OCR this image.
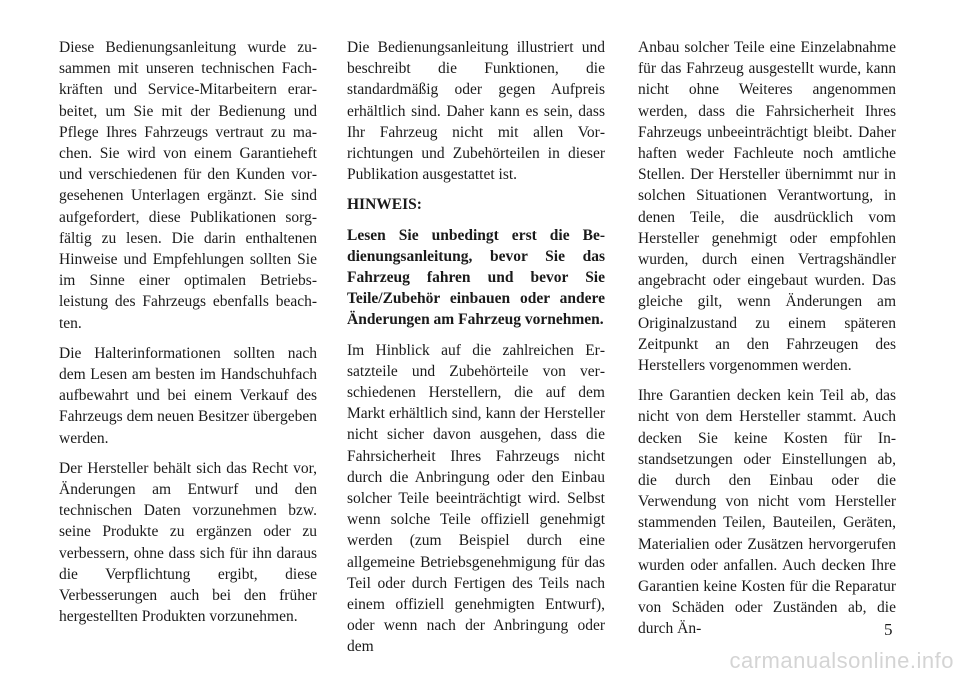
Diese Bedienungsanleitung wurde zusammen mit unseren technischen Fachkräften und Service-Mitarbeitern erarbeitet, um Sie mit der Bedienung und Pflege Ihres Fahrzeugs vertraut zu machen. Sie wird von einem Garantieheft und verschiedenen für den Kunden vorgesehenen Unterlagen ergänzt. Sie sind aufgefordert, diese Publikationen sorgfältig zu lesen. Die darin enthaltenen Hinweise und Empfehlungen sollten Sie im Sinne einer optimalen Betriebsleistung des Fahrzeugs ebenfalls beachten.

Die Halterinformationen sollten nach dem Lesen am besten im Handschuhfach aufbewahrt und bei einem Verkauf des Fahrzeugs dem neuen Besitzer übergeben werden.

Der Hersteller behält sich das Recht vor, Änderungen am Entwurf und den technischen Daten vorzunehmen bzw. seine Produkte zu ergänzen oder zu verbessern, ohne dass sich für ihn daraus die Verpflichtung ergibt, diese Verbesserungen auch bei den früher hergestellten Produkten vorzunehmen.

Die Bedienungsanleitung illustriert und beschreibt die Funktionen, die standardmäßig oder gegen Aufpreis erhältlich sind. Daher kann es sein, dass Ihr Fahrzeug nicht mit allen Vorrichtungen und Zubehörteilen in dieser Publikation ausgestattet ist.

HINWEIS:

Lesen Sie unbedingt erst die Bedienungsanleitung, bevor Sie das Fahrzeug fahren und bevor Sie Teile/Zubehör einbauen oder andere Änderungen am Fahrzeug vornehmen.

Im Hinblick auf die zahlreichen Ersatzteile und Zubehörteile von verschiedenen Herstellern, die auf dem Markt erhältlich sind, kann der Hersteller nicht sicher davon ausgehen, dass die Fahrsicherheit Ihres Fahrzeugs nicht durch die Anbringung oder den Einbau solcher Teile beeinträchtigt wird. Selbst wenn solche Teile offiziell genehmigt werden (zum Beispiel durch eine allgemeine Betriebsgenehmigung für das Teil oder durch Fertigen des Teils nach einem offiziell genehmigten Entwurf), oder wenn nach der Anbringung oder dem

Anbau solcher Teile eine Einzelabnahme für das Fahrzeug ausgestellt wurde, kann nicht ohne Weiteres angenommen werden, dass die Fahrsicherheit Ihres Fahrzeugs unbeeinträchtigt bleibt. Daher haften weder Fachleute noch amtliche Stellen. Der Hersteller übernimmt nur in solchen Situationen Verantwortung, in denen Teile, die ausdrücklich vom Hersteller genehmigt oder empfohlen wurden, durch einen Vertragshändler angebracht oder eingebaut wurden. Das gleiche gilt, wenn Änderungen am Originalzustand zu einem späteren Zeitpunkt an den Fahrzeugen des Herstellers vorgenommen werden.

Ihre Garantien decken kein Teil ab, das nicht von dem Hersteller stammt. Auch decken Sie keine Kosten für Instandsetzungen oder Einstellungen ab, die durch den Einbau oder die Verwendung von nicht vom Hersteller stammenden Teilen, Bauteilen, Geräten, Materialien oder Zusätzen hervorgerufen wurden oder anfallen. Auch decken Ihre Garantien keine Kosten für die Reparatur von Schäden oder Zuständen ab, die durch Än-	5
carmanualsonline.info
